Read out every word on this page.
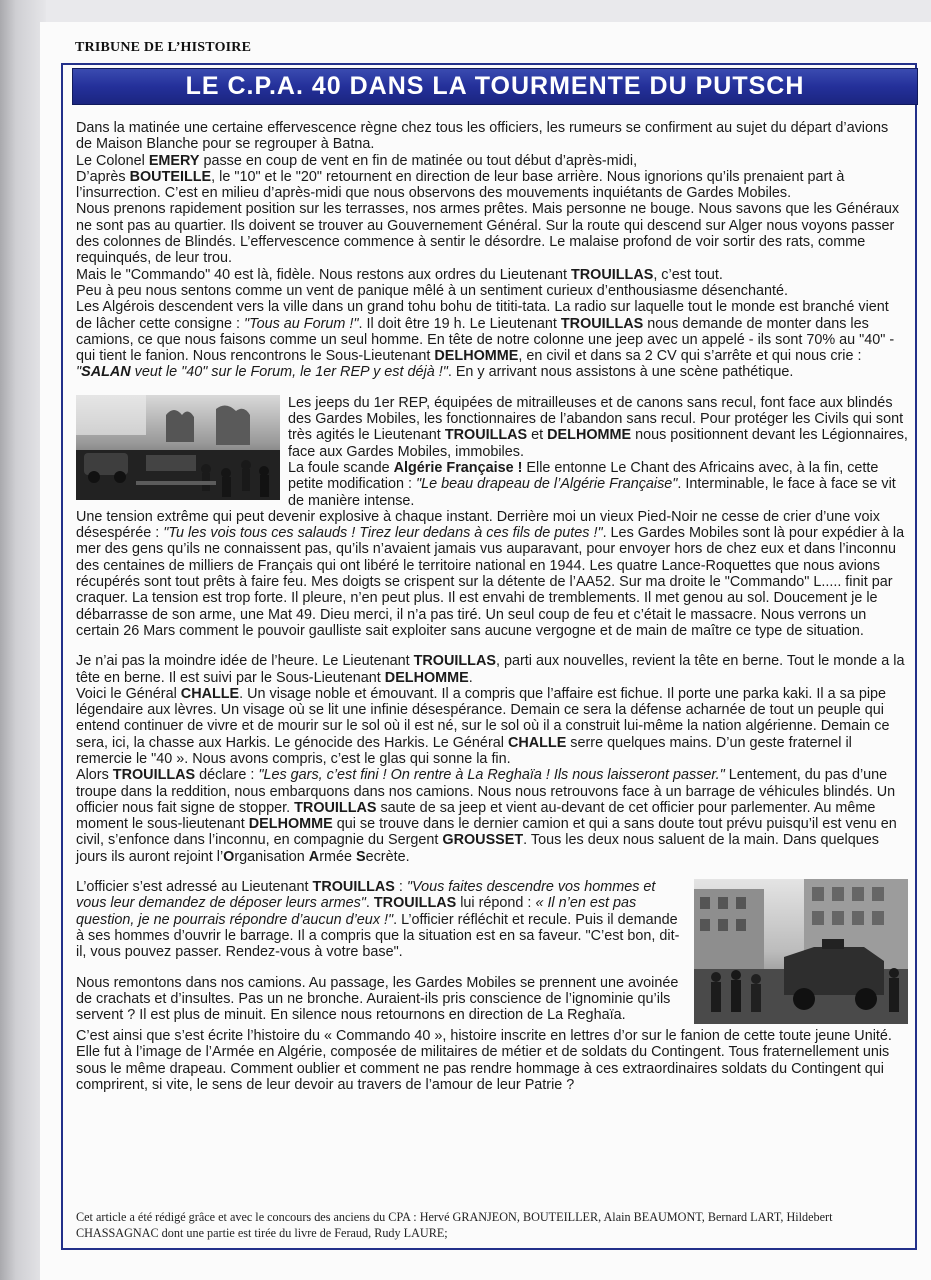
TRIBUNE DE L’HISTOIRE
LE C.P.A. 40 DANS LA TOURMENTE DU PUTSCH

Dans la matinée une certaine effervescence règne chez tous les officiers, les rumeurs se confirment au sujet du départ d’avions de Maison Blanche pour se regrouper à Batna.

Le Colonel EMERY passe en coup de vent en fin de matinée ou tout début d’après-midi,

D’après BOUTEILLE, le "10" et le "20" retournent en direction de leur base arrière. Nous ignorions qu’ils prenaient part à l’insurrection. C’est en milieu d’après-midi que nous observons des mouvements inquiétants de Gardes Mobiles.

Nous prenons rapidement position sur les terrasses, nos armes prêtes. Mais personne ne bouge. Nous savons que les Généraux ne sont pas au quartier. Ils doivent se trouver au Gouvernement Général. Sur la route qui descend sur Alger nous voyons passer des colonnes de Blindés. L’effervescence commence à sentir le désordre. Le malaise profond de voir sortir des rats, comme requinqués, de leur trou.

Mais le "Commando" 40 est là, fidèle. Nous restons aux ordres du Lieutenant TROUILLAS, c’est tout.

Peu à peu nous sentons comme un vent de panique mêlé à un sentiment curieux d’enthousiasme désenchanté.

Les Algérois descendent vers la ville dans un grand tohu bohu de tititi-tata. La radio sur laquelle tout le monde est branché vient de lâcher cette consigne : "Tous au Forum !". Il doit être 19 h. Le Lieutenant TROUILLAS nous demande de monter dans les camions, ce que nous faisons comme un seul homme. En tête de notre colonne une jeep avec un appelé - ils sont 70% au "40" - qui tient le fanion. Nous rencontrons le Sous-Lieutenant DELHOMME, en civil et dans sa 2 CV qui s’arrête et qui nous crie : "SALAN veut le "40" sur le Forum, le 1er REP y est déjà !". En y arrivant nous assistons à une scène pathétique.

Les jeeps du 1er REP, équipées de mitrailleuses et de canons sans recul, font face aux blindés des Gardes Mobiles, les fonctionnaires de l’abandon sans recul. Pour protéger les Civils qui sont très agités le Lieutenant TROUILLAS et DELHOMME nous positionnent devant les Légionnaires, face aux Gardes Mobiles, immobiles.

La foule scande Algérie Française ! Elle entonne Le Chant des Africains avec, à la fin, cette petite modification : "Le beau drapeau de l’Algérie Française". Interminable, le face à face se vit de manière intense.

Une tension extrême qui peut devenir explosive à chaque instant. Derrière moi un vieux Pied-Noir ne cesse de crier d’une voix désespérée : "Tu les vois tous ces salauds ! Tirez leur dedans à ces fils de putes !". Les Gardes Mobiles sont là pour expédier à la mer des gens qu’ils ne connaissent pas, qu’ils n’avaient jamais vus auparavant, pour envoyer hors de chez eux et dans l’inconnu des centaines de milliers de Français qui ont libéré le territoire national en 1944. Les quatre Lance-Roquettes que nous avions récupérés sont tout prêts à faire feu. Mes doigts se crispent sur la détente de l’AA52. Sur ma droite le "Commando" L..... finit par craquer. La tension est trop forte. Il pleure, n’en peut plus. Il est envahi de tremblements. Il met genou au sol. Doucement je le débarrasse de son arme, une Mat 49. Dieu merci, il n’a pas tiré. Un seul coup de feu et c’était le massacre. Nous verrons un certain 26 Mars comment le pouvoir gaulliste sait exploiter sans aucune vergogne et de main de maître ce type de situation.

Je n’ai pas la moindre idée de l’heure. Le Lieutenant TROUILLAS, parti aux nouvelles, revient la tête en berne. Tout le monde a la tête en berne. Il est suivi par le Sous-Lieutenant DELHOMME.

Voici le Général CHALLE. Un visage noble et émouvant. Il a compris que l’affaire est fichue. Il porte une parka kaki. Il a sa pipe légendaire aux lèvres. Un visage où se lit une infinie désespérance. Demain ce sera la défense acharnée de tout un peuple qui entend continuer de vivre et de mourir sur le sol où il est né, sur le sol où il a construit lui-même la nation algérienne. Demain ce sera, ici, la chasse aux Harkis. Le génocide des Harkis. Le Général CHALLE serre quelques mains. D’un geste fraternel il remercie le "40 ». Nous avons compris, c’est le glas qui sonne la fin.

Alors TROUILLAS déclare : "Les gars, c’est fini ! On rentre à La Reghaïa ! Ils nous laisseront passer." Lentement, du pas d’une troupe dans la reddition, nous embarquons dans nos camions. Nous nous retrouvons face à un barrage de véhicules blindés. Un officier nous fait signe de stopper. TROUILLAS saute de sa jeep et vient au-devant de cet officier pour parlementer. Au même moment le sous-lieutenant DELHOMME qui se trouve dans le dernier camion et qui a sans doute tout prévu puisqu’il est venu en civil, s’enfonce dans l’inconnu, en compagnie du Sergent GROUSSET. Tous les deux nous saluent de la main. Dans quelques jours ils auront rejoint l’Organisation Armée Secrète.

L’officier s’est adressé au Lieutenant TROUILLAS : "Vous faites descendre vos hommes et vous leur demandez de déposer leurs armes". TROUILLAS lui répond : « Il n’en est pas question, je ne pourrais répondre d’aucun d’eux !". L’officier réfléchit et recule. Puis il demande à ses hommes d’ouvrir le barrage. Il a compris que la situation est en sa faveur. "C’est bon, dit-il, vous pouvez passer. Rendez-vous à votre base".

Nous remontons dans nos camions. Au passage, les Gardes Mobiles se prennent une avoinée de crachats et d’insultes. Pas un ne bronche. Auraient-ils pris conscience de l’ignominie qu’ils servent ? Il est plus de minuit. En silence nous retournons en direction de La Reghaïa.

C’est ainsi que s’est écrite l’histoire du « Commando 40 », histoire inscrite en lettres d’or sur le fanion de cette toute jeune Unité. Elle fut à l’image de l’Armée en Algérie, composée de militaires de métier et de soldats du Contingent. Tous fraternellement unis sous le même drapeau. Comment oublier et comment ne pas rendre hommage à ces extraordinaires soldats du Contingent qui comprirent, si vite, le sens de leur devoir au travers de l’amour de leur Patrie ?

Cet article a été rédigé grâce et avec le concours des anciens du CPA : Hervé GRANJEON, BOUTEILLER, Alain BEAUMONT, Bernard LART, Hildebert CHASSAGNAC dont une partie est tirée du livre de Feraud, Rudy LAURE;
